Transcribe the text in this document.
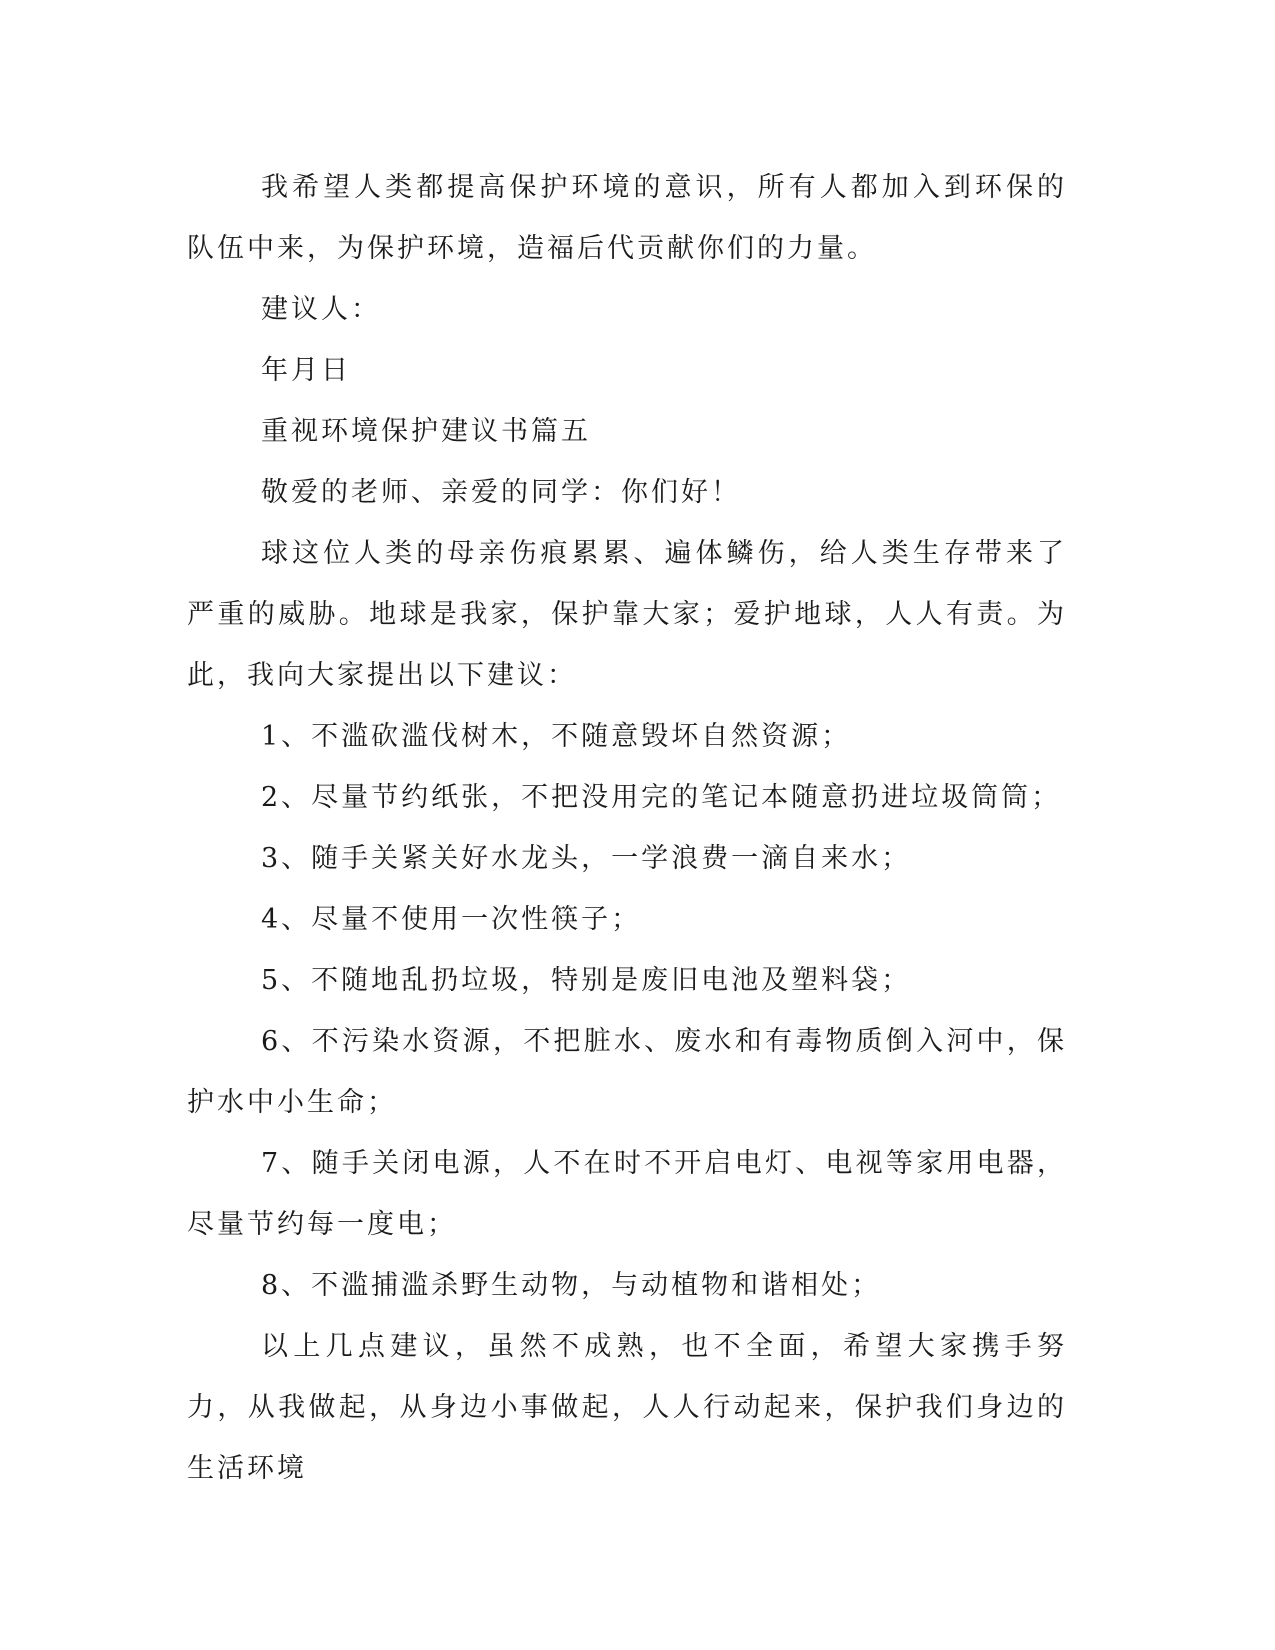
我希望人类都提高保护环境的意识，所有人都加入到环保的队伍中来，为保护环境，造福后代贡献你们的力量。

建议人：

年月日

重视环境保护建议书篇五

敬爱的老师、亲爱的同学：你们好！

球这位人类的母亲伤痕累累、遍体鳞伤，给人类生存带来了严重的威胁。地球是我家，保护靠大家；爱护地球，人人有责。为此，我向大家提出以下建议：

1、不滥砍滥伐树木，不随意毁坏自然资源；

2、尽量节约纸张，不把没用完的笔记本随意扔进垃圾筒筒；

3、随手关紧关好水龙头，一学浪费一滴自来水；

4、尽量不使用一次性筷子；

5、不随地乱扔垃圾，特别是废旧电池及塑料袋；

6、不污染水资源，不把脏水、废水和有毒物质倒入河中，保护水中小生命；

7、随手关闭电源，人不在时不开启电灯、电视等家用电器，尽量节约每一度电；

8、不滥捕滥杀野生动物，与动植物和谐相处；

以上几点建议，虽然不成熟，也不全面，希望大家携手努力，从我做起，从身边小事做起，人人行动起来，保护我们身边的生活环境
